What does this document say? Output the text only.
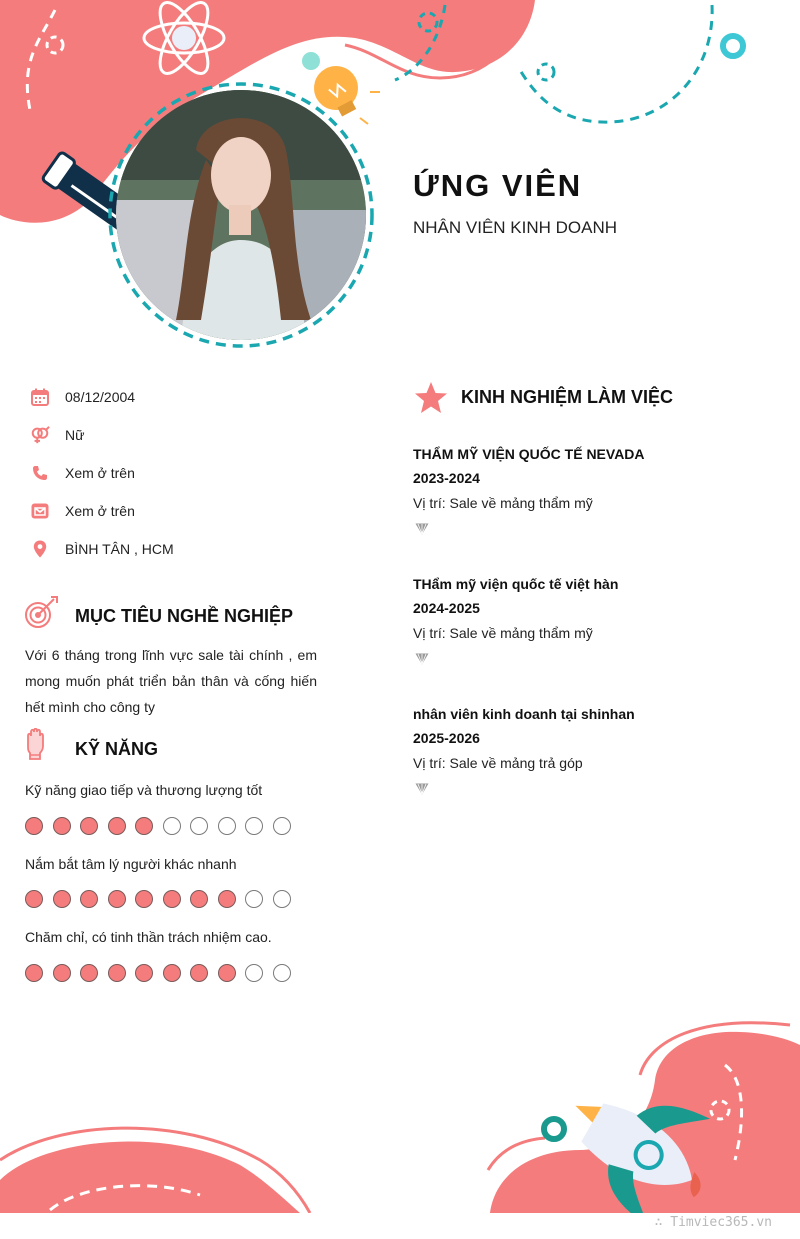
ỨNG VIÊN
NHÂN VIÊN KINH DOANH
08/12/2004
Nữ
Xem ở trên
Xem ở trên
BÌNH TÂN , HCM
MỤC TIÊU NGHỀ NGHIỆP
Với 6 tháng trong lĩnh vực sale tài chính , em mong muốn phát triển bản thân và cống hiến hết mình cho công ty
KỸ NĂNG
Kỹ năng giao tiếp và thương lượng tốt
Nắm bắt tâm lý người khác nhanh
Chăm chỉ, có tinh thần trách nhiệm cao.
KINH NGHIỆM LÀM VIỆC
THẨM MỸ VIỆN QUỐC TẾ NEVADA
2023-2024
Vị trí: Sale về mảng thẩm mỹ
THẩm mỹ viện quốc tế việt hàn
2024-2025
Vị trí: Sale về mảng thẩm mỹ
nhân viên kinh doanh tại shinhan
2025-2026
Vị trí: Sale về mảng trả góp
∴ Timviec365.vn
